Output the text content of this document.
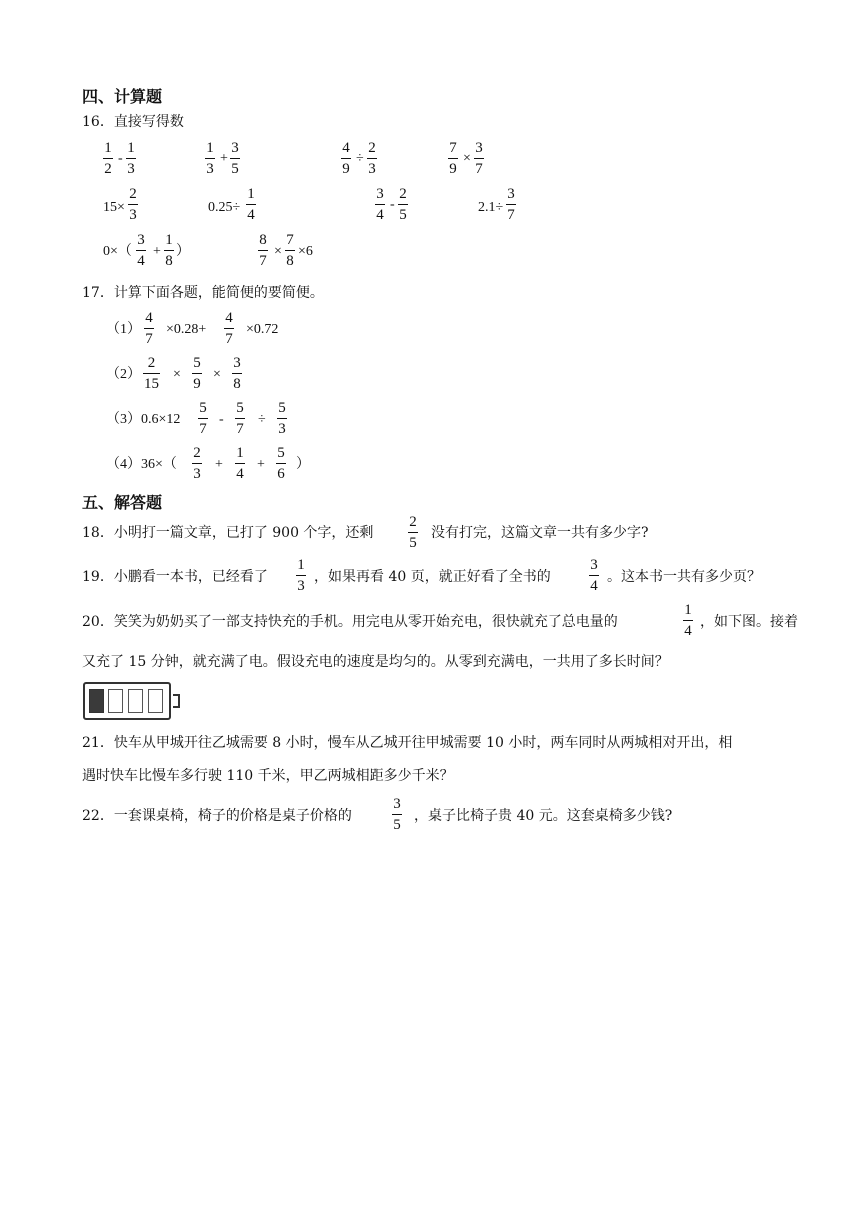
四、计算题
16．直接写得数
1
2
-
1
3
1
3
+
3
5
4
9
÷
2
3
7
9
×
3
7
15×
2
3	0.25÷
1
4
3
4
-
2
5	2.1÷
3
7
0×（
3
4
+
1
8
）
8
7
×
7
8
×6
17．计算下面各题，能简便的要简便。
（1）
4
7
×0.28+
4
7
×0.72
（2）
2
15
×
5
9
×
3
8
（3）0.6×12
5
7
-
5
7
÷
5
3
（4）36×（
2
3
+
1
4
+
5
6
）
五、解答题
18．小明打一篇文章，已打了 900 个字，还剩
2
5
没有打完，这篇文章一共有多少字?
19．小鹏看一本书，已经看了
1
3
，如果再看 40 页，就正好看了全书的
3
4
。这本书一共有多少页？
20．笑笑为奶奶买了一部支持快充的手机。用完电从零开始充电，很快就充了总电量的
1
4
，如下图。接着
又充了 15 分钟，就充满了电。假设充电的速度是均匀的。从零到充满电，一共用了多长时间？
21．快车从甲城开往乙城需要 8 小时，慢车从乙城开往甲城需要 10 小时，两车同时从两城相对开出，相
遇时快车比慢车多行驶 110 千米，甲乙两城相距多少千米？
22．一套课桌椅，椅子的价格是桌子价格的
3
5
，桌子比椅子贵 40 元。这套桌椅多少钱?
